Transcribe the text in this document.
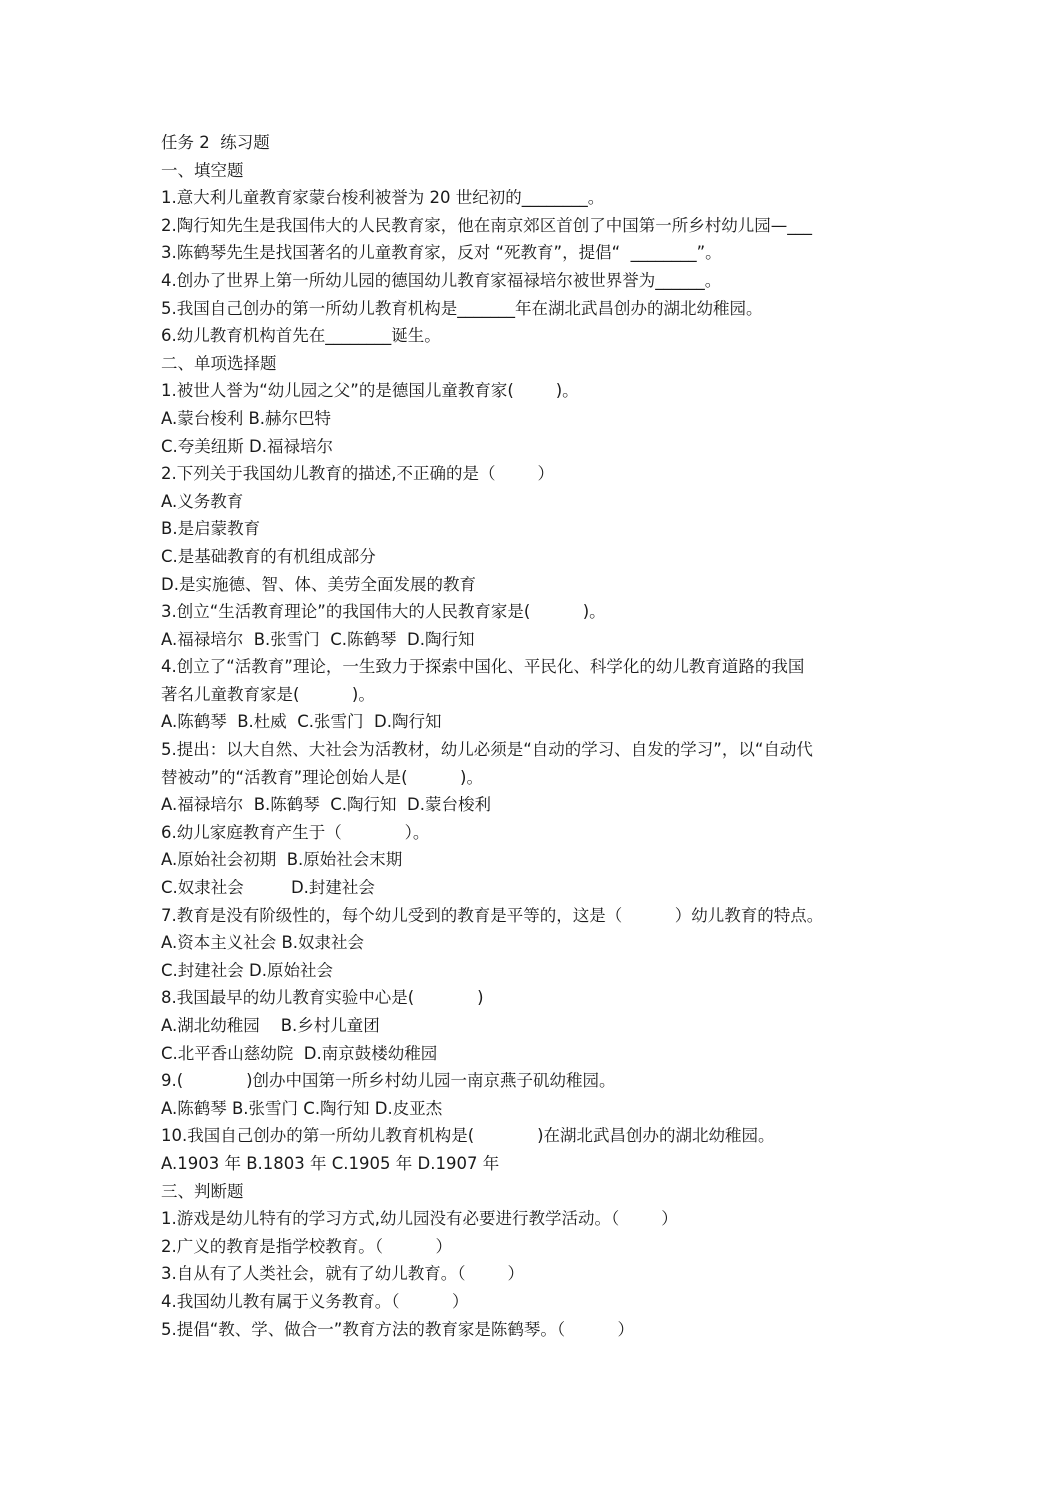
任务 2  练习题
一、填空题
1.意大利儿童教育家蒙台梭利被誉为 20 世纪初的________。
2.陶行知先生是我国伟大的人民教育家，他在南京郊区首创了中国第一所乡村幼儿园—___
3.陈鹤琴先生是找国著名的儿童教育家，反对 “死教育”，提倡“  ________”。
4.创办了世界上第一所幼儿园的德国幼儿教育家福禄培尔被世界誉为______。
5.我国自己创办的第一所幼儿教育机构是_______年在湖北武昌创办的湖北幼稚园。
6.幼儿教育机构首先在________诞生。
二、单项选择题
1.被世人誉为“幼儿园之父”的是德国儿童教育家(        )。
A.蒙台梭利 B.赫尔巴特
C.夸美纽斯 D.福禄培尔
2.下列关于我国幼儿教育的描述,不正确的是（        ）
A.义务教育
B.是启蒙教育
C.是基础教育的有机组成部分
D.是实施德、智、体、美劳全面发展的教育
3.创立“生活教育理论”的我国伟大的人民教育家是(          )。
A.福禄培尔  B.张雪门  C.陈鹤琴  D.陶行知
4.创立了“活教育”理论，一生致力于探索中国化、平民化、科学化的幼儿教育道路的我国
著名儿童教育家是(          )。
A.陈鹤琴  B.杜威  C.张雪门  D.陶行知
5.提出：以大自然、大社会为活教材，幼儿必须是“自动的学习、自发的学习”，以“自动代
替被动”的“活教育”理论创始人是(          )。
A.福禄培尔  B.陈鹤琴  C.陶行知  D.蒙台梭利
6.幼儿家庭教育产生于（            ）。
A.原始社会初期  B.原始社会末期
C.奴隶社会         D.封建社会
7.教育是没有阶级性的，每个幼儿受到的教育是平等的，这是（          ）幼儿教育的特点。
A.资本主义社会 B.奴隶社会
C.封建社会 D.原始社会
8.我国最早的幼儿教育实验中心是(            )
A.湖北幼稚园    B.乡村儿童团
C.北平香山慈幼院  D.南京鼓楼幼稚园
9.(            )创办中国第一所乡村幼儿园一南京燕子矶幼稚园。
A.陈鹤琴 B.张雪门 C.陶行知 D.皮亚杰
10.我国自己创办的第一所幼儿教育机构是(            )在湖北武昌创办的湖北幼稚园。
A.1903 年 B.1803 年 C.1905 年 D.1907 年
三、判断题
1.游戏是幼儿特有的学习方式,幼儿园没有必要进行教学活动。（        ）
2.广义的教育是指学校教育。（          ）
3.自从有了人类社会，就有了幼儿教育。（        ）
4.我国幼儿教有属于义务教育。（          ）
5.提倡“教、学、做合一”教育方法的教育家是陈鹤琴。（          ）
